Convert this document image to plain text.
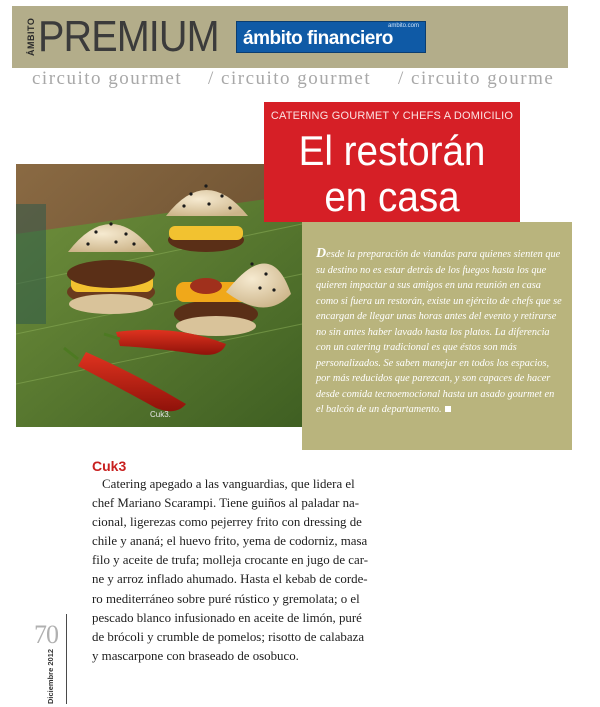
ÁMBITO PREMIUM	ambito.com
ámbito financiero
circuito gourmet / circuito gourmet / circuito gourme
Cuk3.
CATERING GOURMET Y CHEFS A DOMICILIO
El restorán
en casa
Desde la preparación de viandas para quienes sienten que su destino no es estar detrás de los fuegos hasta los que quieren impactar a sus amigos en una reunión en casa como si fuera un restorán, existe un ejército de chefs que se encargan de llegar unas horas antes del evento y retirarse no sin antes haber lavado hasta los platos. La diferencia con un catering tradicional es que éstos son más personalizados. Se saben manejar en todos los espacios, por más reducidos que parezcan, y son capaces de hacer desde comida tecnoemocional hasta un asado gourmet en el balcón de un departamento.
Cuk3
Catering apegado a las vanguardias, que lidera el
chef Mariano Scarampi. Tiene guiños al paladar na-
cional, ligerezas como pejerrey frito con dressing de
chile y ananá; el huevo frito, yema de codorniz, masa
filo y aceite de trufa; molleja crocante en jugo de car-
ne y arroz inflado ahumado. Hasta el kebab de corde-
ro mediterráneo sobre puré rústico y gremolata; o el
pescado blanco infusionado en aceite de limón, puré
de brócoli y crumble de pomelos; risotto de calabaza
y mascarpone con braseado de osobuco.
70
Diciembre 2012
